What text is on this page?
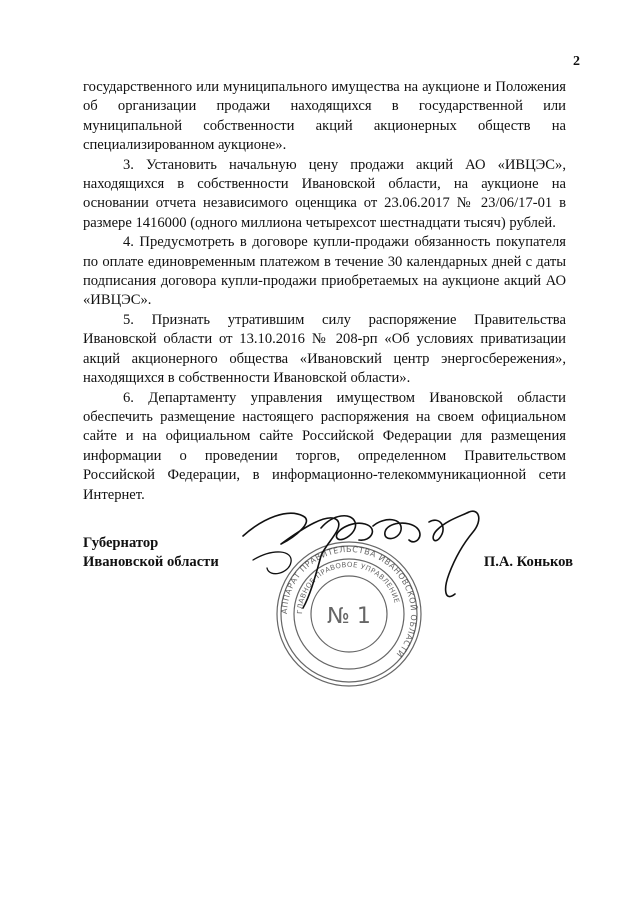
2

государственного или муниципального имущества на аукционе и Положения об организации продажи находящихся в государственной или муниципальной собственности акций акционерных обществ на специализированном аукционе».

3. Установить начальную цену продажи акций АО «ИВЦЭС», находящихся в собственности Ивановской области, на аукционе на основании отчета независимого оценщика от 23.06.2017 № 23/06/17-01 в размере 1416000 (одного миллиона четырехсот шестнадцати тысяч) рублей.

4. Предусмотреть в договоре купли-продажи обязанность покупателя по оплате единовременным платежом в течение 30 календарных дней с даты подписания договора купли-продажи приобретаемых на аукционе акций АО «ИВЦЭС».

5. Признать утратившим силу распоряжение Правительства Ивановской области от 13.10.2016 № 208-рп «Об условиях приватизации акций акционерного общества «Ивановский центр энергосбережения», находящихся в собственности Ивановской области».

6. Департаменту управления имуществом Ивановской области обеспечить размещение настоящего распоряжения на своем официальном сайте и на официальном сайте Российской Федерации для размещения информации о проведении торгов, определенном Правительством Российской Федерации, в информационно-телекоммуникационной сети Интернет.

Губернатор
Ивановской области
АППАРАТ ПРАВИТЕЛЬСТВА ИВАНОВСКОЙ ОБЛАСТИ
ГЛАВНОЕ ПРАВОВОЕ УПРАВЛЕНИЕ
№ 1
П.А. Коньков
